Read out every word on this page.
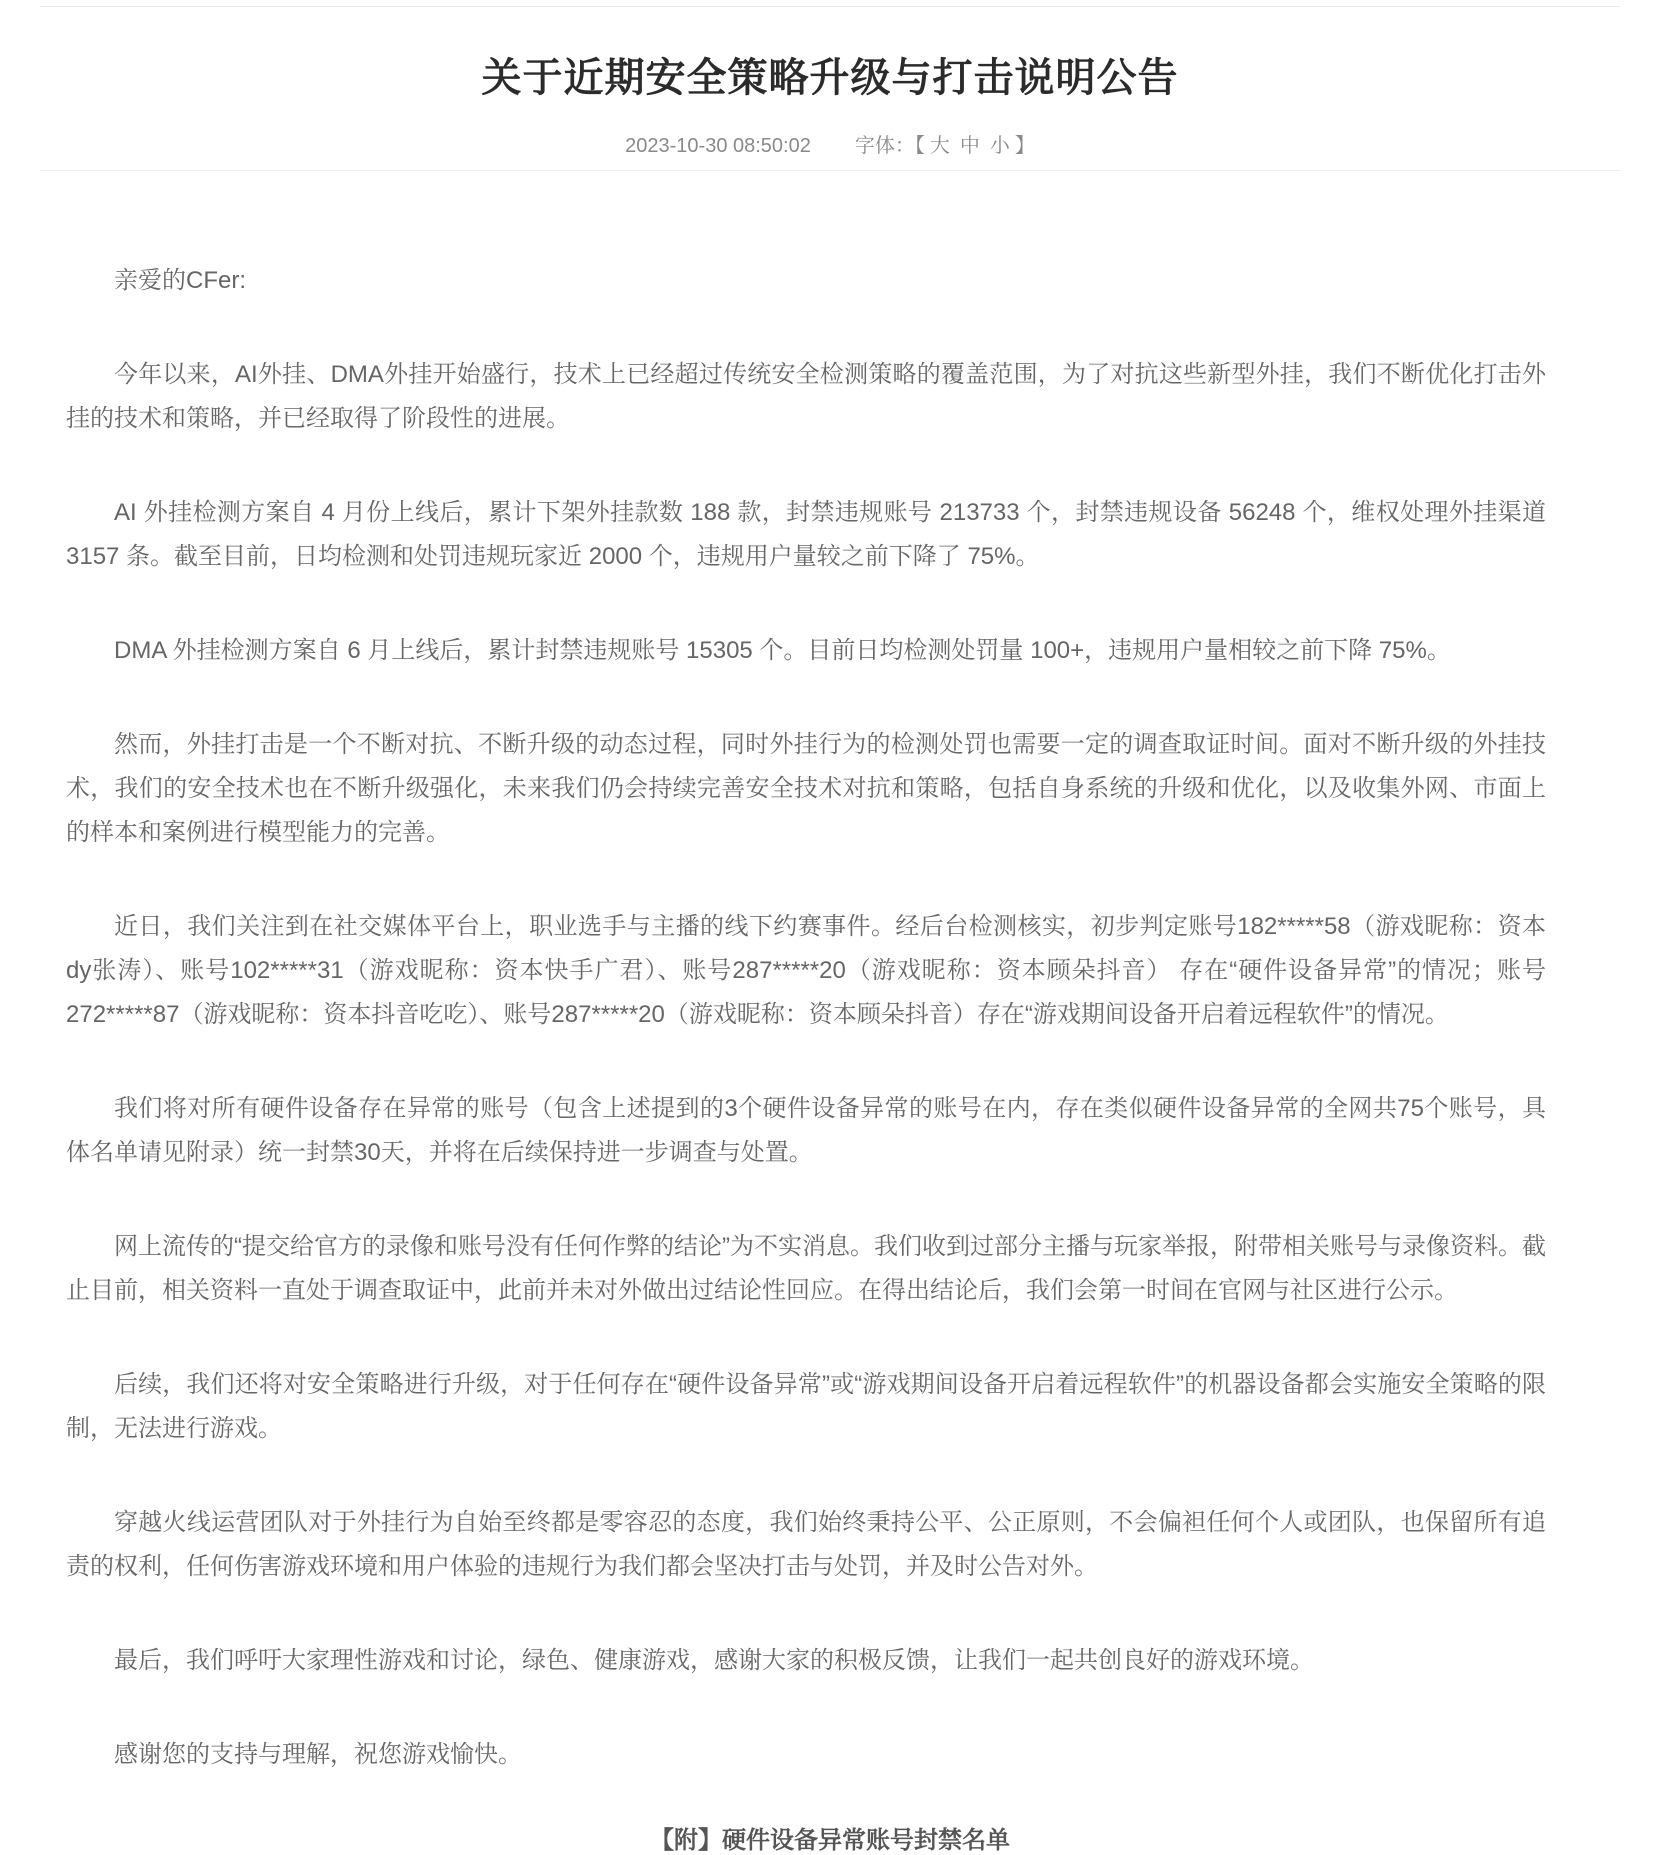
关于近期安全策略升级与打击说明公告
2023-10-30 08:50:02 字体：【 大 中 小 】

亲爱的CFer:

今年以来，AI外挂、DMA外挂开始盛行，技术上已经超过传统安全检测策略的覆盖范围，为了对抗这些新型外挂，我们不断优化打击外挂的技术和策略，并已经取得了阶段性的进展。

AI 外挂检测方案自 4 月份上线后，累计下架外挂款数 188 款，封禁违规账号 213733 个，封禁违规设备 56248 个，维权处理外挂渠道 3157 条。截至目前，日均检测和处罚违规玩家近 2000 个，违规用户量较之前下降了 75%。

DMA 外挂检测方案自 6 月上线后，累计封禁违规账号 15305 个。目前日均检测处罚量 100+，违规用户量相较之前下降 75%。

然而，外挂打击是一个不断对抗、不断升级的动态过程，同时外挂行为的检测处罚也需要一定的调查取证时间。面对不断升级的外挂技术，我们的安全技术也在不断升级强化，未来我们仍会持续完善安全技术对抗和策略，包括自身系统的升级和优化，以及收集外网、市面上的样本和案例进行模型能力的完善。

近日，我们关注到在社交媒体平台上，职业选手与主播的线下约赛事件。经后台检测核实，初步判定账号182*****58（游戏昵称：资本dy张涛）、账号102*****31（游戏昵称：资本快手广君）、账号287*****20（游戏昵称：资本顾朵抖音） 存在“硬件设备异常”的情况；账号272*****87（游戏昵称：资本抖音吃吃）、账号287*****20（游戏昵称：资本顾朵抖音）存在“游戏期间设备开启着远程软件”的情况。

我们将对所有硬件设备存在异常的账号（包含上述提到的3个硬件设备异常的账号在内，存在类似硬件设备异常的全网共75个账号，具体名单请见附录）统一封禁30天，并将在后续保持进一步调查与处置。

网上流传的“提交给官方的录像和账号没有任何作弊的结论”为不实消息。我们收到过部分主播与玩家举报，附带相关账号与录像资料。截止目前，相关资料一直处于调查取证中，此前并未对外做出过结论性回应。在得出结论后，我们会第一时间在官网与社区进行公示。

后续，我们还将对安全策略进行升级，对于任何存在“硬件设备异常”或“游戏期间设备开启着远程软件”的机器设备都会实施安全策略的限制，无法进行游戏。

穿越火线运营团队对于外挂行为自始至终都是零容忍的态度，我们始终秉持公平、公正原则，不会偏袒任何个人或团队，也保留所有追责的权利，任何伤害游戏环境和用户体验的违规行为我们都会坚决打击与处罚，并及时公告对外。

最后，我们呼吁大家理性游戏和讨论，绿色、健康游戏，感谢大家的积极反馈，让我们一起共创良好的游戏环境。

感谢您的支持与理解，祝您游戏愉快。

【附】硬件设备异常账号封禁名单
